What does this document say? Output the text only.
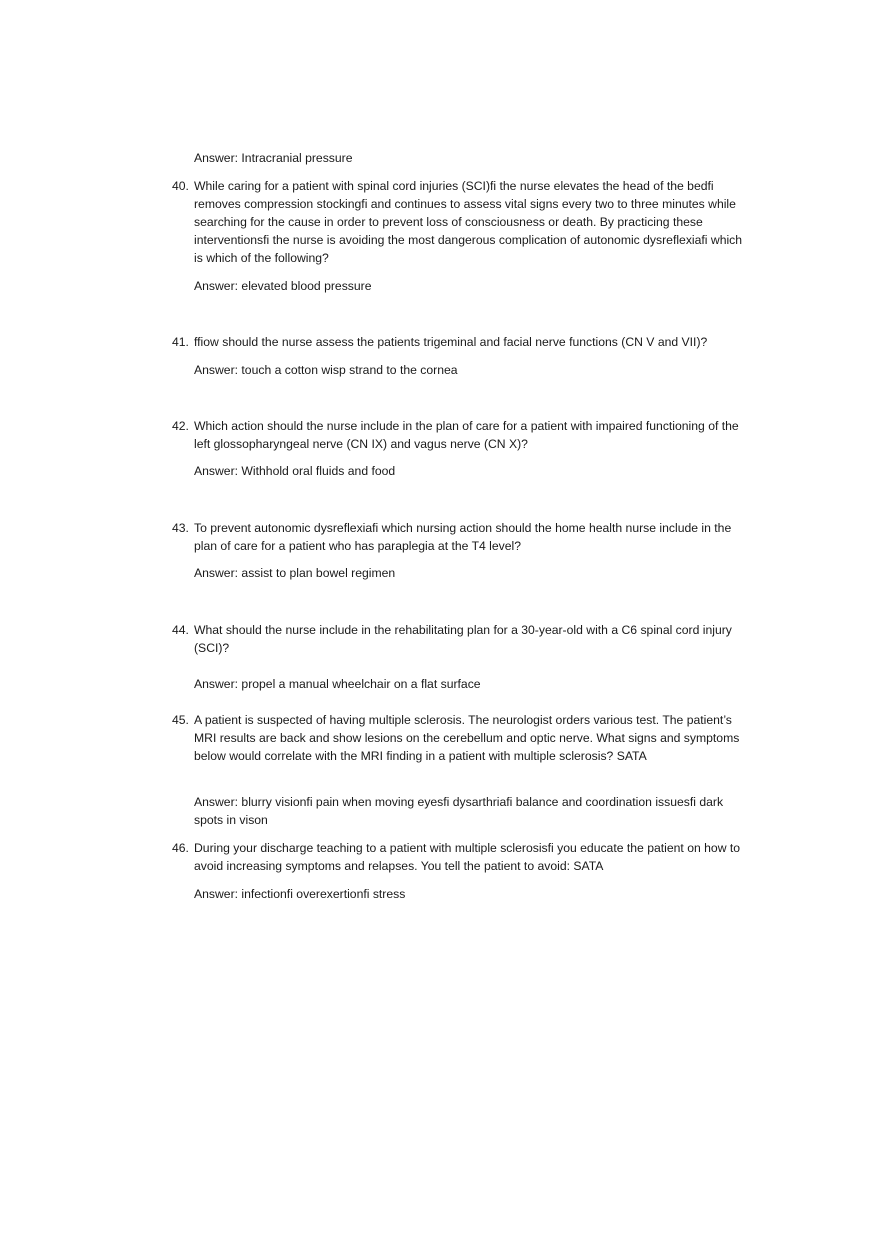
Answer: Intracranial pressure
40. While caring for a patient with spinal cord injuries (SCI)fi the nurse elevates the head of the bedfi removes compression stockingfi and continues to assess vital signs every two to three minutes while searching for the cause in order to prevent loss of consciousness or death. By practicing these interventionsfi the nurse is avoiding the most dangerous complication of autonomic dysreflexiafi which is which of the following?
Answer: elevated blood pressure
41. ffiow should the nurse assess the patients trigeminal and facial nerve functions (CN V and VII)?
Answer: touch a cotton wisp strand to the cornea
42. Which action should the nurse include in the plan of care for a patient with impaired functioning of the left glossopharyngeal nerve (CN IX) and vagus nerve (CN X)?
Answer: Withhold oral fluids and food
43. To prevent autonomic dysreflexiafi which nursing action should the home health nurse include in the plan of care for a patient who has paraplegia at the T4 level?
Answer: assist to plan bowel regimen
44. What should the nurse include in the rehabilitating plan for a 30-year-old with a C6 spinal cord injury (SCI)?
Answer: propel a manual wheelchair on a flat surface
45. A patient is suspected of having multiple sclerosis. The neurologist orders various test. The patient’s MRI results are back and show lesions on the cerebellum and optic nerve. What signs and symptoms below would correlate with the MRI finding in a patient with multiple sclerosis? SATA
Answer: blurry visionfi pain when moving eyesfi dysarthriafi balance and coordination issuesfi dark spots in vison
46. During your discharge teaching to a patient with multiple sclerosisfi you educate the patient on how to avoid increasing symptoms and relapses. You tell the patient to avoid: SATA
Answer: infectionfi overexertionfi stress
